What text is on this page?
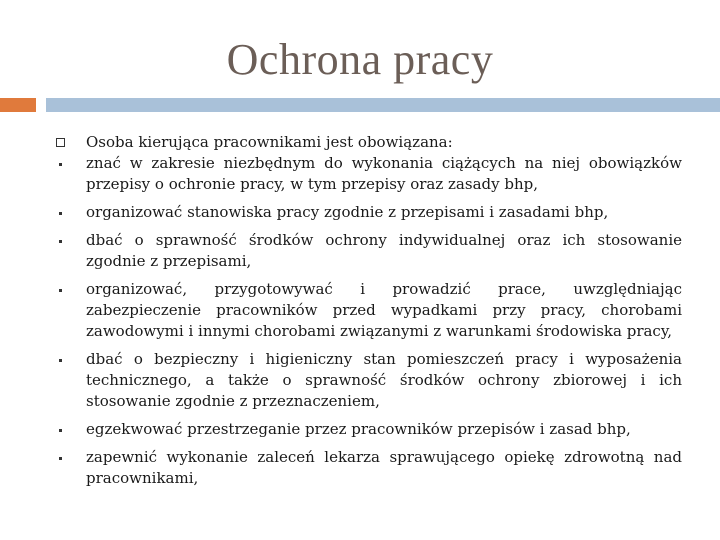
Ochrona pracy
Osoba kierująca pracownikami jest obowiązana:
znać w zakresie niezbędnym do wykonania ciążących na niej obowiązków przepisy o ochronie pracy, w tym przepisy oraz zasady bhp,
organizować stanowiska pracy zgodnie z przepisami i zasadami bhp,
dbać o sprawność środków ochrony indywidualnej oraz ich stosowanie zgodnie z przepisami,
organizować, przygotowywać i prowadzić prace, uwzględniając zabezpieczenie pracowników przed wypadkami przy pracy, chorobami zawodowymi i innymi chorobami związanymi z warunkami środowiska pracy,
dbać o bezpieczny i higieniczny stan pomieszczeń pracy i wyposażenia technicznego, a także o sprawność środków ochrony zbiorowej i ich stosowanie zgodnie z przeznaczeniem,
egzekwować przestrzeganie przez pracowników przepisów i zasad bhp,
zapewnić wykonanie zaleceń lekarza sprawującego opiekę zdrowotną nad pracownikami,
